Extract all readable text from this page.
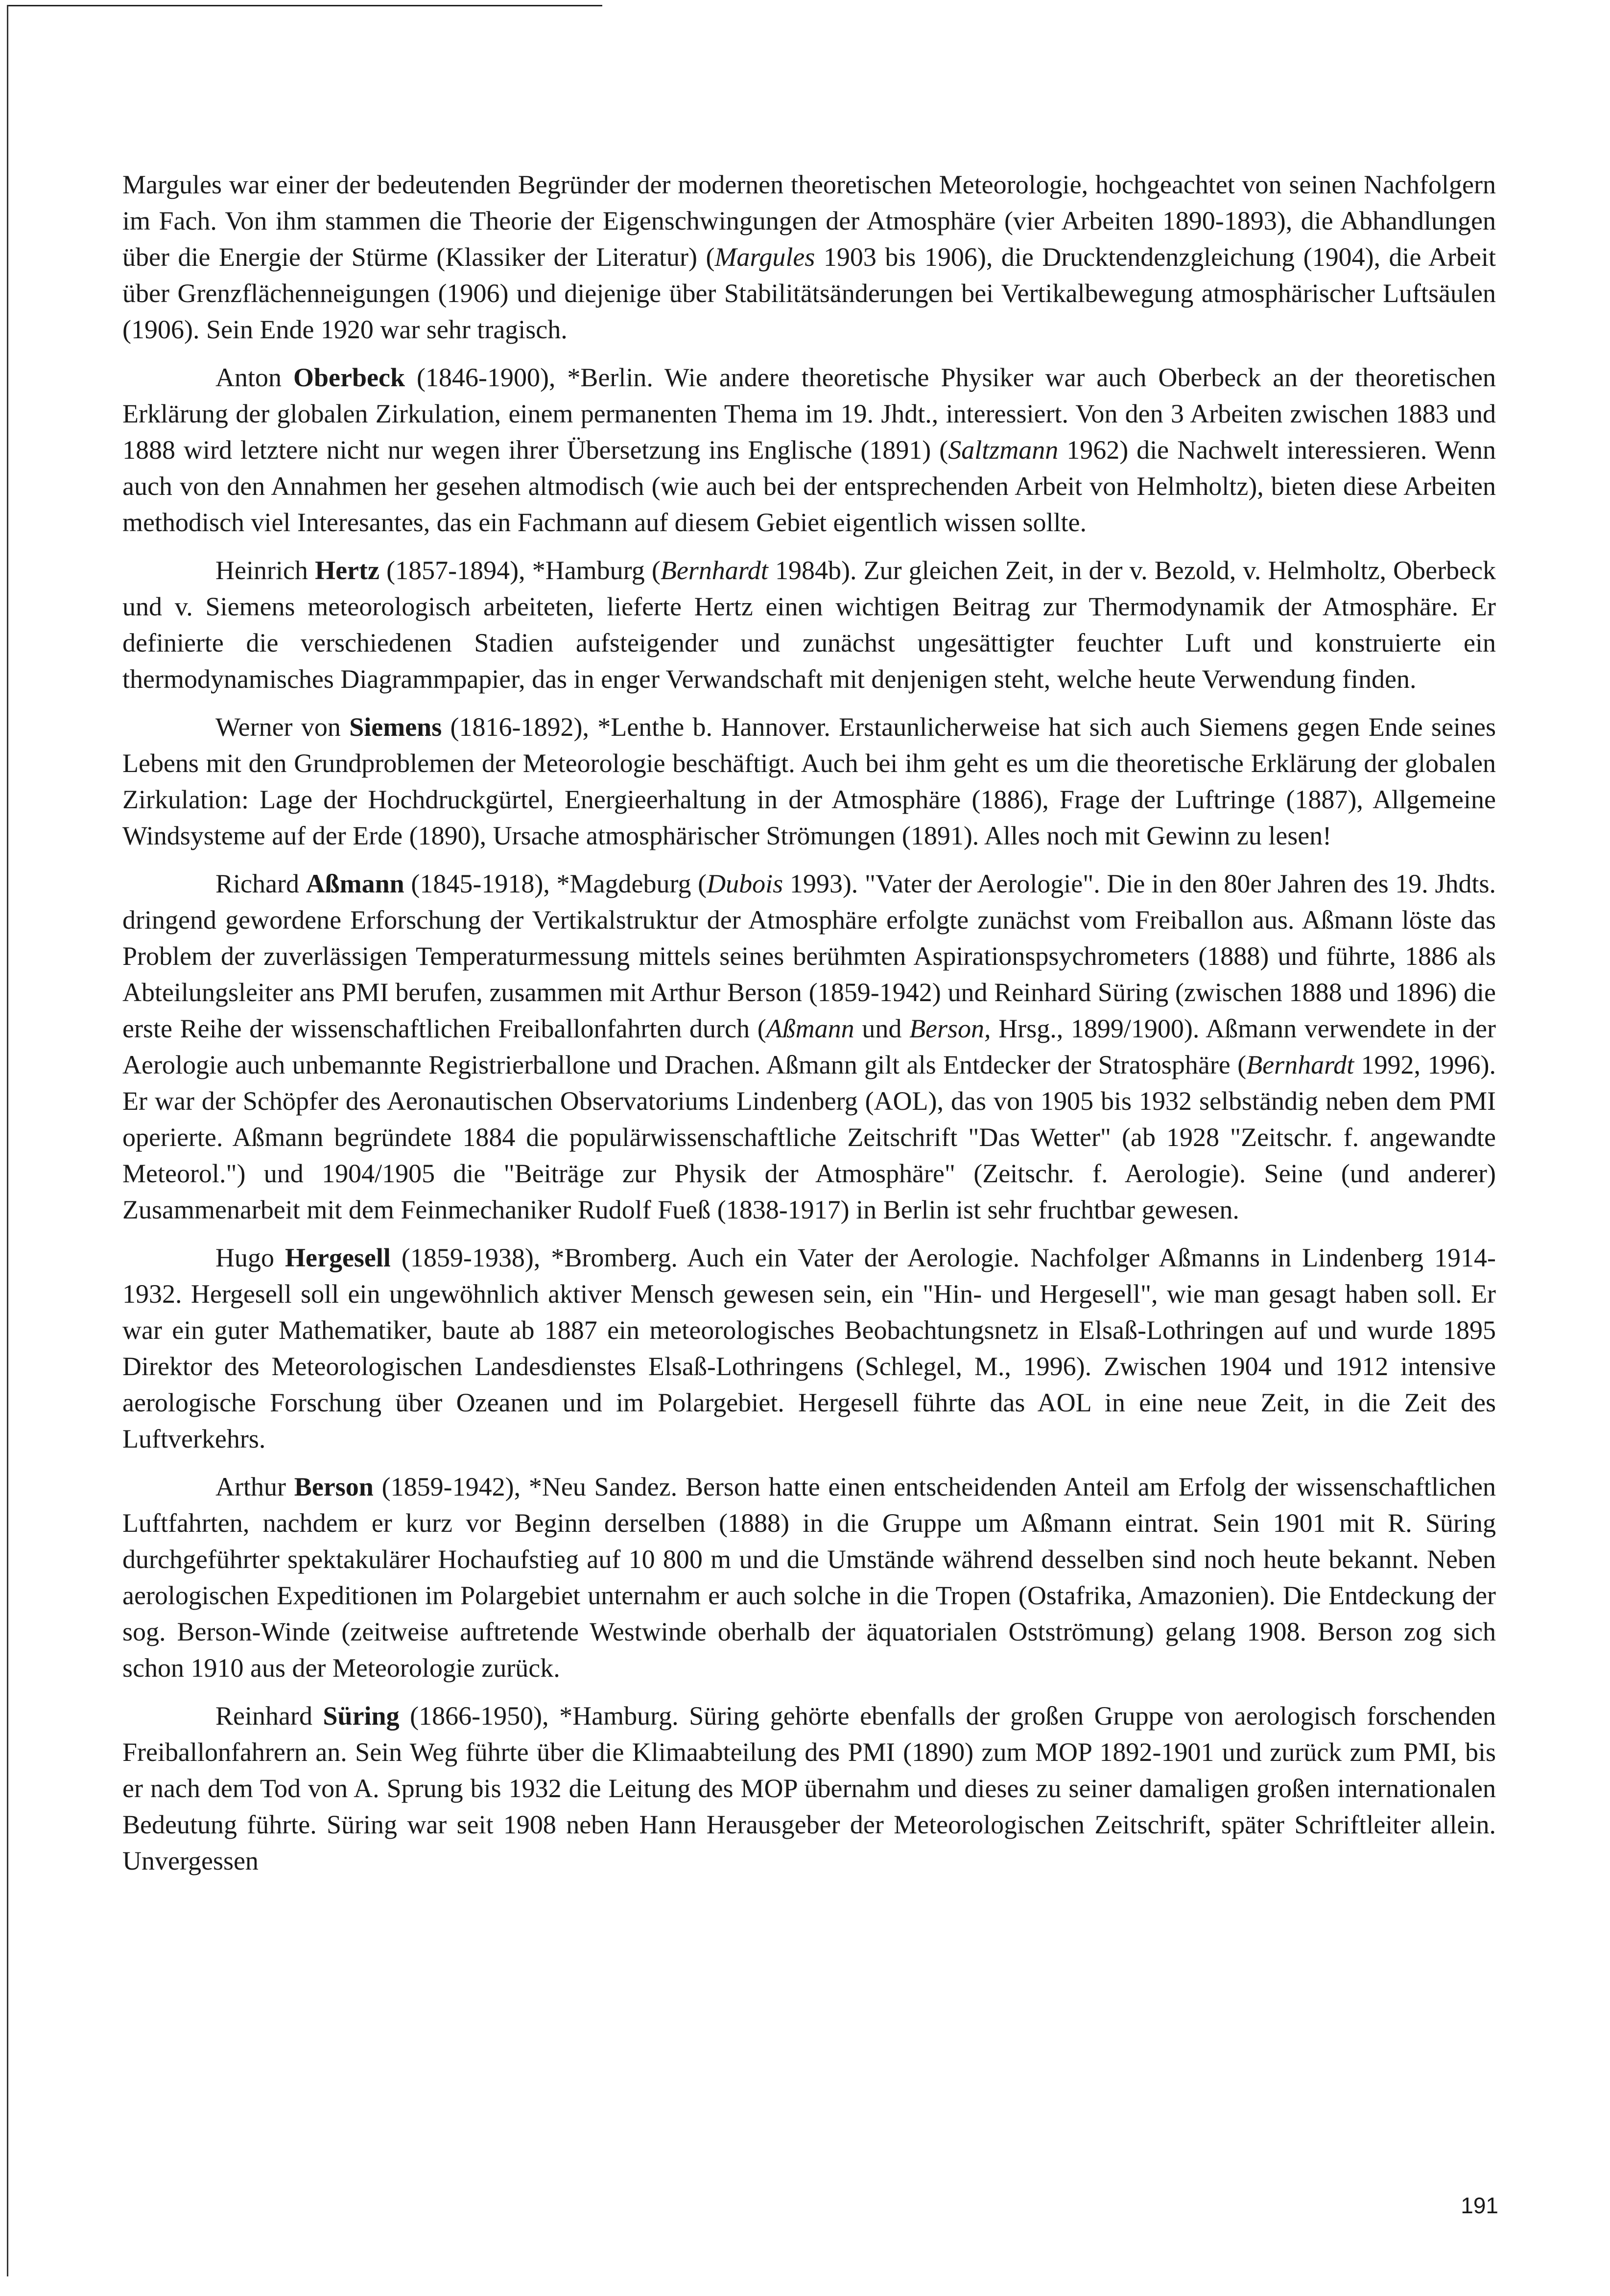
Margules war einer der bedeutenden Begründer der modernen theoretischen Meteorologie, hochgeachtet von seinen Nachfolgern im Fach. Von ihm stammen die Theorie der Eigenschwingungen der Atmosphäre (vier Arbeiten 1890-1893), die Abhandlungen über die Energie der Stürme (Klassiker der Literatur) (Margules 1903 bis 1906), die Drucktendenzgleichung (1904), die Arbeit über Grenzflächenneigungen (1906) und diejenige über Stabilitätsänderungen bei Vertikalbewegung atmosphärischer Luftsäulen (1906). Sein Ende 1920 war sehr tragisch.

Anton Oberbeck (1846-1900), *Berlin. Wie andere theoretische Physiker war auch Oberbeck an der theoretischen Erklärung der globalen Zirkulation, einem permanenten Thema im 19. Jhdt., interessiert. Von den 3 Arbeiten zwischen 1883 und 1888 wird letztere nicht nur wegen ihrer Übersetzung ins Englische (1891) (Saltzmann 1962) die Nachwelt interessieren. Wenn auch von den Annahmen her gesehen altmodisch (wie auch bei der entsprechenden Arbeit von Helmholtz), bieten diese Arbeiten methodisch viel Interesantes, das ein Fachmann auf diesem Gebiet eigentlich wissen sollte.

Heinrich Hertz (1857-1894), *Hamburg (Bernhardt 1984b). Zur gleichen Zeit, in der v. Bezold, v. Helmholtz, Oberbeck und v. Siemens meteorologisch arbeiteten, lieferte Hertz einen wichtigen Beitrag zur Thermodynamik der Atmosphäre. Er definierte die verschiedenen Stadien aufsteigender und zunächst ungesättigter feuchter Luft und konstruierte ein thermodynamisches Diagrammpapier, das in enger Verwandschaft mit denjenigen steht, welche heute Verwendung finden.

Werner von Siemens (1816-1892), *Lenthe b. Hannover. Erstaunlicherweise hat sich auch Siemens gegen Ende seines Lebens mit den Grundproblemen der Meteorologie beschäftigt. Auch bei ihm geht es um die theoretische Erklärung der globalen Zirkulation: Lage der Hochdruckgürtel, Energieerhaltung in der Atmosphäre (1886), Frage der Luftringe (1887), Allgemeine Windsysteme auf der Erde (1890), Ursache atmosphärischer Strömungen (1891). Alles noch mit Gewinn zu lesen!

Richard Aßmann (1845-1918), *Magdeburg (Dubois 1993). "Vater der Aerologie". Die in den 80er Jahren des 19. Jhdts. dringend gewordene Erforschung der Vertikalstruktur der Atmosphäre erfolgte zunächst vom Freiballon aus. Aßmann löste das Problem der zuverlässigen Temperaturmessung mittels seines berühmten Aspirationspsychrometers (1888) und führte, 1886 als Abteilungsleiter ans PMI berufen, zusammen mit Arthur Berson (1859-1942) und Reinhard Süring (zwischen 1888 und 1896) die erste Reihe der wissenschaftlichen Freiballonfahrten durch (Aßmann und Berson, Hrsg., 1899/1900). Aßmann verwendete in der Aerologie auch unbemannte Registrierballone und Drachen. Aßmann gilt als Entdecker der Stratosphäre (Bernhardt 1992, 1996). Er war der Schöpfer des Aeronautischen Observatoriums Lindenberg (AOL), das von 1905 bis 1932 selbständig neben dem PMI operierte. Aßmann begründete 1884 die populärwissenschaftliche Zeitschrift "Das Wetter" (ab 1928 "Zeitschr. f. angewandte Meteorol.") und 1904/1905 die "Beiträge zur Physik der Atmosphäre" (Zeitschr. f. Aerologie). Seine (und anderer) Zusammenarbeit mit dem Feinmechaniker Rudolf Fueß (1838-1917) in Berlin ist sehr fruchtbar gewesen.

Hugo Hergesell (1859-1938), *Bromberg. Auch ein Vater der Aerologie. Nachfolger Aßmanns in Lindenberg 1914-1932. Hergesell soll ein ungewöhnlich aktiver Mensch gewesen sein, ein "Hin- und Hergesell", wie man gesagt haben soll. Er war ein guter Mathematiker, baute ab 1887 ein meteorologisches Beobachtungsnetz in Elsaß-Lothringen auf und wurde 1895 Direktor des Meteorologischen Landesdienstes Elsaß-Lothringens (Schlegel, M., 1996). Zwischen 1904 und 1912 intensive aerologische Forschung über Ozeanen und im Polargebiet. Hergesell führte das AOL in eine neue Zeit, in die Zeit des Luftverkehrs.

Arthur Berson (1859-1942), *Neu Sandez. Berson hatte einen entscheidenden Anteil am Erfolg der wissenschaftlichen Luftfahrten, nachdem er kurz vor Beginn derselben (1888) in die Gruppe um Aßmann eintrat. Sein 1901 mit R. Süring durchgeführter spektakulärer Hochaufstieg auf 10 800 m und die Umstände während desselben sind noch heute bekannt. Neben aerologischen Expeditionen im Polargebiet unternahm er auch solche in die Tropen (Ostafrika, Amazonien). Die Entdeckung der sog. Berson-Winde (zeitweise auftretende Westwinde oberhalb der äquatorialen Ostströmung) gelang 1908. Berson zog sich schon 1910 aus der Meteorologie zurück.

Reinhard Süring (1866-1950), *Hamburg. Süring gehörte ebenfalls der großen Gruppe von aerologisch forschenden Freiballonfahrern an. Sein Weg führte über die Klimaabteilung des PMI (1890) zum MOP 1892-1901 und zurück zum PMI, bis er nach dem Tod von A. Sprung bis 1932 die Leitung des MOP übernahm und dieses zu seiner damaligen großen internationalen Bedeutung führte. Süring war seit 1908 neben Hann Herausgeber der Meteorologischen Zeitschrift, später Schriftleiter allein. Unvergessen

191
